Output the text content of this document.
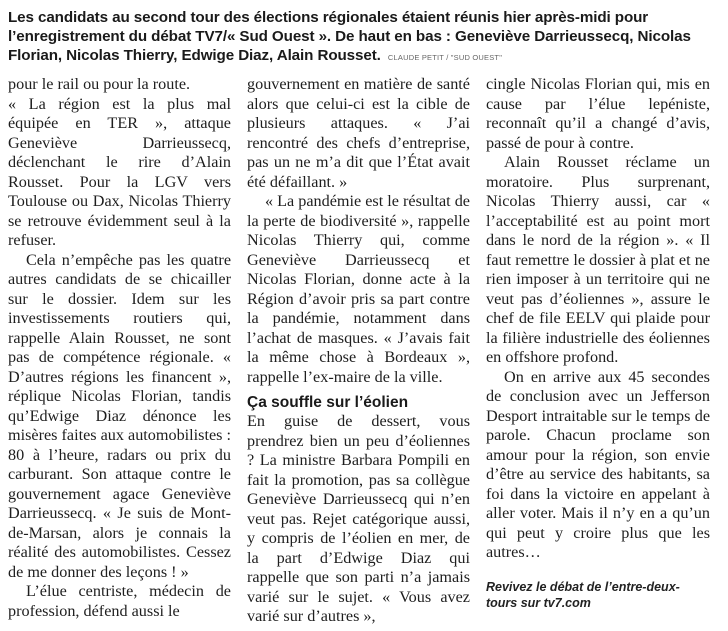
Les candidats au second tour des élections régionales étaient réunis hier après-midi pour l’enregistrement du débat TV7/« Sud Ouest ». De haut en bas : Geneviève Darrieussecq, Nicolas Florian, Nicolas Thierry, Edwige Diaz, Alain Rousset. CLAUDE PETIT / "SUD OUEST"

pour le rail ou pour la route.

« La région est la plus mal équipée en TER », attaque Geneviève Darrieussecq, déclenchant le rire d’Alain Rousset. Pour la LGV vers Toulouse ou Dax, Nicolas Thierry se retrouve évidemment seul à la refuser.

Cela n’empêche pas les quatre autres candidats de se chicailler sur le dossier. Idem sur les investissements routiers qui, rappelle Alain Rousset, ne sont pas de compétence régionale. « D’autres régions les financent », réplique Nicolas Florian, tandis qu’Edwige Diaz dénonce les misères faites aux automobilistes : 80 à l’heure, radars ou prix du carburant. Son attaque contre le gouvernement agace Geneviève Darrieussecq. « Je suis de Mont-de-Marsan, alors je connais la réalité des automobilistes. Cessez de me donner des leçons ! »

L’élue centriste, médecin de profession, défend aussi le

gouvernement en matière de santé alors que celui-ci est la cible de plusieurs attaques. « J’ai rencontré des chefs d’entreprise, pas un ne m’a dit que l’État avait été défaillant. »

« La pandémie est le résultat de la perte de biodiversité », rappelle Nicolas Thierry qui, comme Geneviève Darrieussecq et Nicolas Florian, donne acte à la Région d’avoir pris sa part contre la pandémie, notamment dans l’achat de masques. « J’avais fait la même chose à Bordeaux », rappelle l’ex-maire de la ville.

Ça souffle sur l’éolien

En guise de dessert, vous prendrez bien un peu d’éoliennes ? La ministre Barbara Pompili en fait la promotion, pas sa collègue Geneviève Darrieussecq qui n’en veut pas. Rejet catégorique aussi, y compris de l’éolien en mer, de la part d’Edwige Diaz qui rappelle que son parti n’a jamais varié sur le sujet. « Vous avez varié sur d’autres »,

cingle Nicolas Florian qui, mis en cause par l’élue lepéniste, reconnaît qu’il a changé d’avis, passé de pour à contre.

Alain Rousset réclame un moratoire. Plus surprenant, Nicolas Thierry aussi, car « l’acceptabilité est au point mort dans le nord de la région ». « Il faut remettre le dossier à plat et ne rien imposer à un territoire qui ne veut pas d’éoliennes », assure le chef de file EELV qui plaide pour la filière industrielle des éoliennes en offshore profond.

On en arrive aux 45 secondes de conclusion avec un Jefferson Desport intraitable sur le temps de parole. Chacun proclame son amour pour la région, son envie d’être au service des habitants, sa foi dans la victoire en appelant à aller voter. Mais il n’y en a qu’un qui peut y croire plus que les autres…

Revivez le débat de l’entre-deux-tours sur tv7.com
